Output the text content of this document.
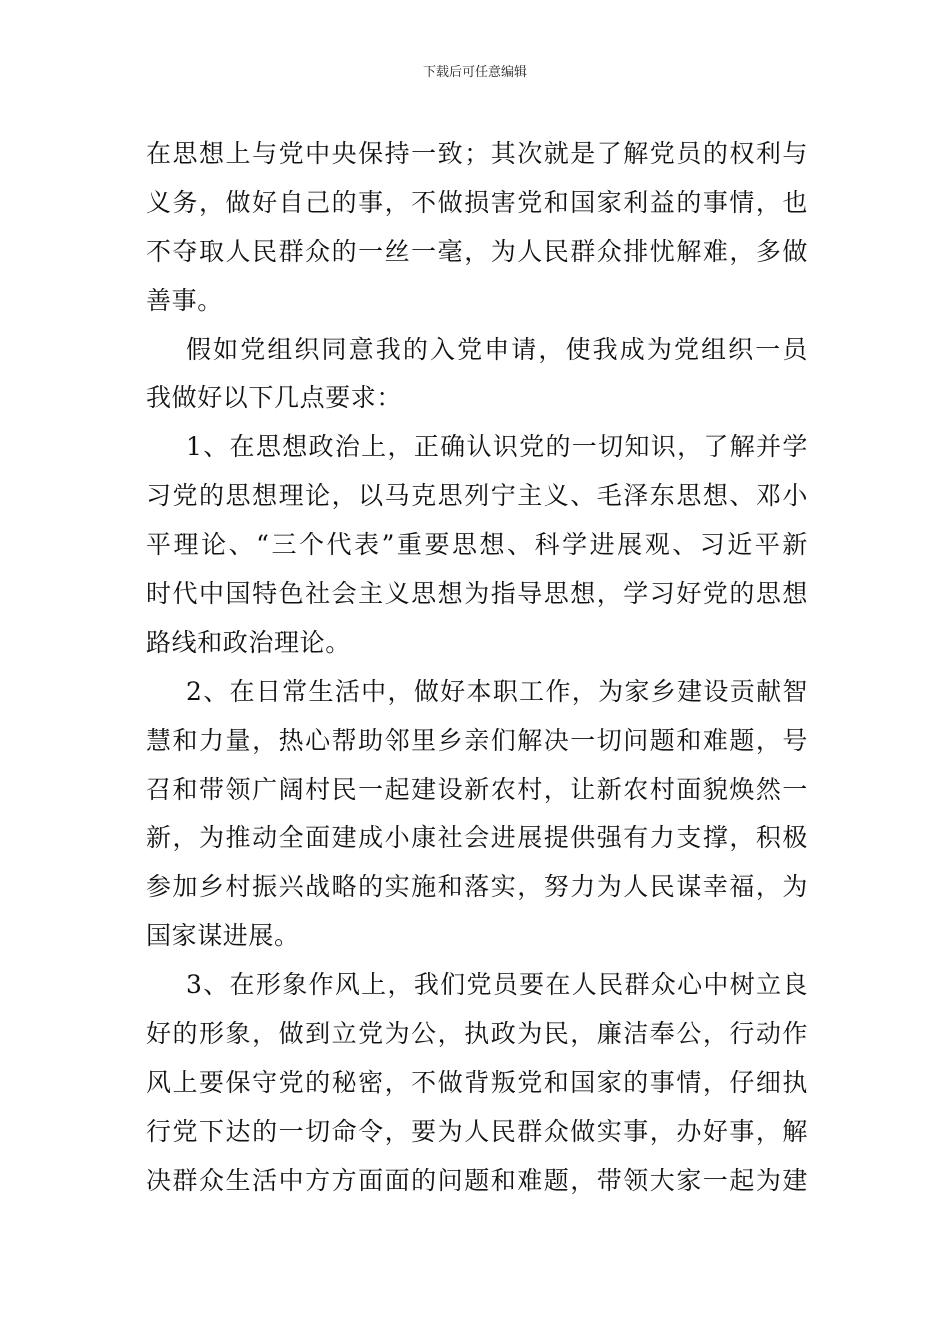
下载后可任意编辑
在思想上与党中央保持一致；其次就是了解党员的权利与
义务，做好自己的事，不做损害党和国家利益的事情，也
不夺取人民群众的一丝一毫，为人民群众排忧解难，多做
善事。
假如党组织同意我的入党申请，使我成为党组织一员
我做好以下几点要求：
1、在思想政治上，正确认识党的一切知识，了解并学
习党的思想理论，以马克思列宁主义、毛泽东思想、邓小
平理论、“三个代表”重要思想、科学进展观、习近平新
时代中国特色社会主义思想为指导思想，学习好党的思想
路线和政治理论。
2、在日常生活中，做好本职工作，为家乡建设贡献智
慧和力量，热心帮助邻里乡亲们解决一切问题和难题，号
召和带领广阔村民一起建设新农村，让新农村面貌焕然一
新，为推动全面建成小康社会进展提供强有力支撑，积极
参加乡村振兴战略的实施和落实，努力为人民谋幸福，为
国家谋进展。
3、在形象作风上，我们党员要在人民群众心中树立良
好的形象，做到立党为公，执政为民，廉洁奉公，行动作
风上要保守党的秘密，不做背叛党和国家的事情，仔细执
行党下达的一切命令，要为人民群众做实事，办好事，解
决群众生活中方方面面的问题和难题，带领大家一起为建
